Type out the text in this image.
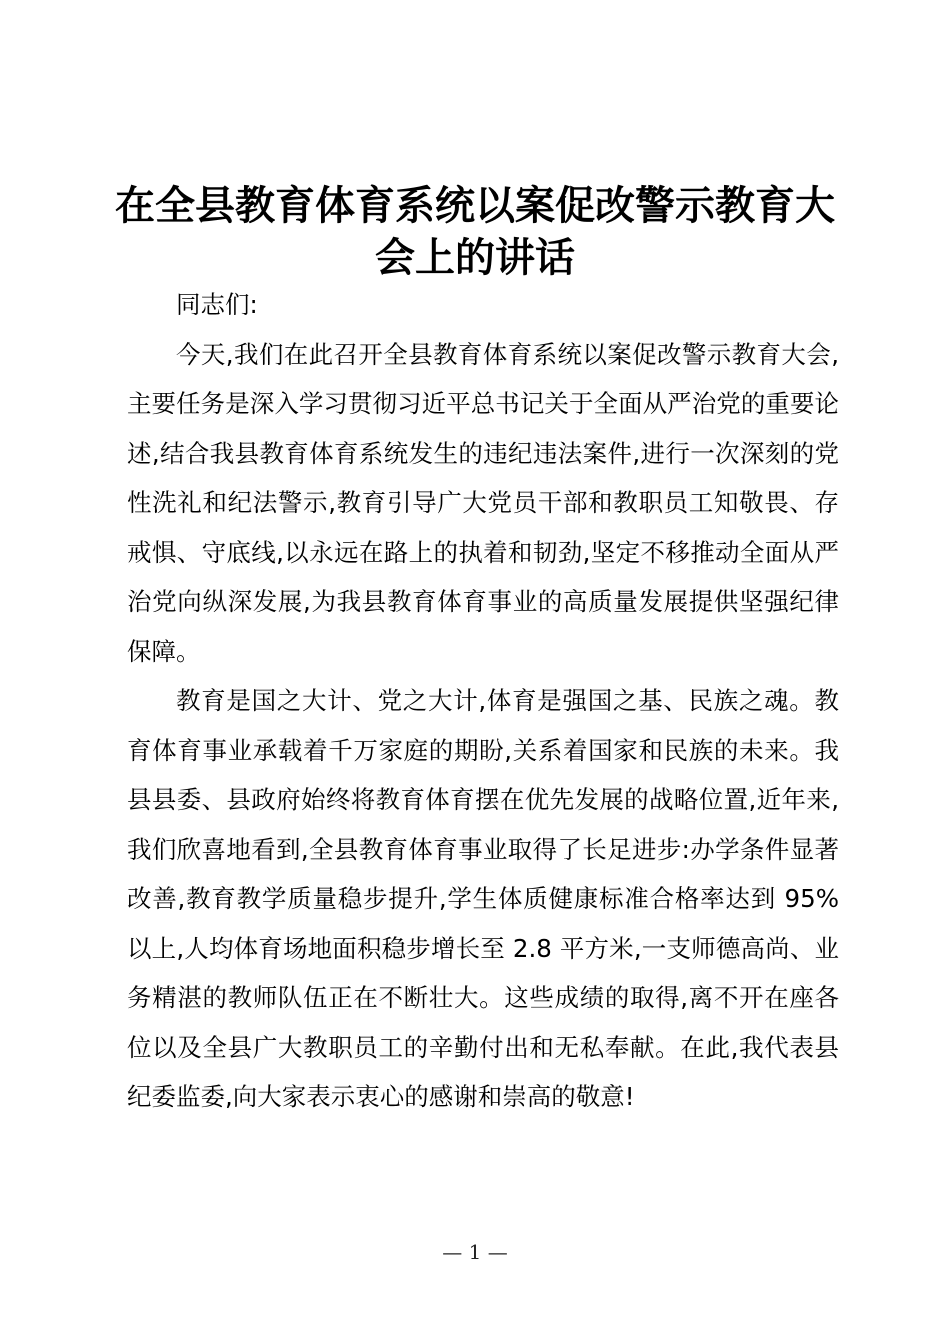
在全县教育体育系统以案促改警示教育大会上的讲话

同志们:

今天,我们在此召开全县教育体育系统以案促改警示教育大会,主要任务是深入学习贯彻习近平总书记关于全面从严治党的重要论述,结合我县教育体育系统发生的违纪违法案件,进行一次深刻的党性洗礼和纪法警示,教育引导广大党员干部和教职员工知敬畏、存戒惧、守底线,以永远在路上的执着和韧劲,坚定不移推动全面从严治党向纵深发展,为我县教育体育事业的高质量发展提供坚强纪律保障。

教育是国之大计、党之大计,体育是强国之基、民族之魂。教育体育事业承载着千万家庭的期盼,关系着国家和民族的未来。我县县委、县政府始终将教育体育摆在优先发展的战略位置,近年来,我们欣喜地看到,全县教育体育事业取得了长足进步:办学条件显著改善,教育教学质量稳步提升,学生体质健康标准合格率达到 95%以上,人均体育场地面积稳步增长至 2.8 平方米,一支师德高尚、业务精湛的教师队伍正在不断壮大。这些成绩的取得,离不开在座各位以及全县广大教职员工的辛勤付出和无私奉献。在此,我代表县纪委监委,向大家表示衷心的感谢和崇高的敬意!

— 1 —
